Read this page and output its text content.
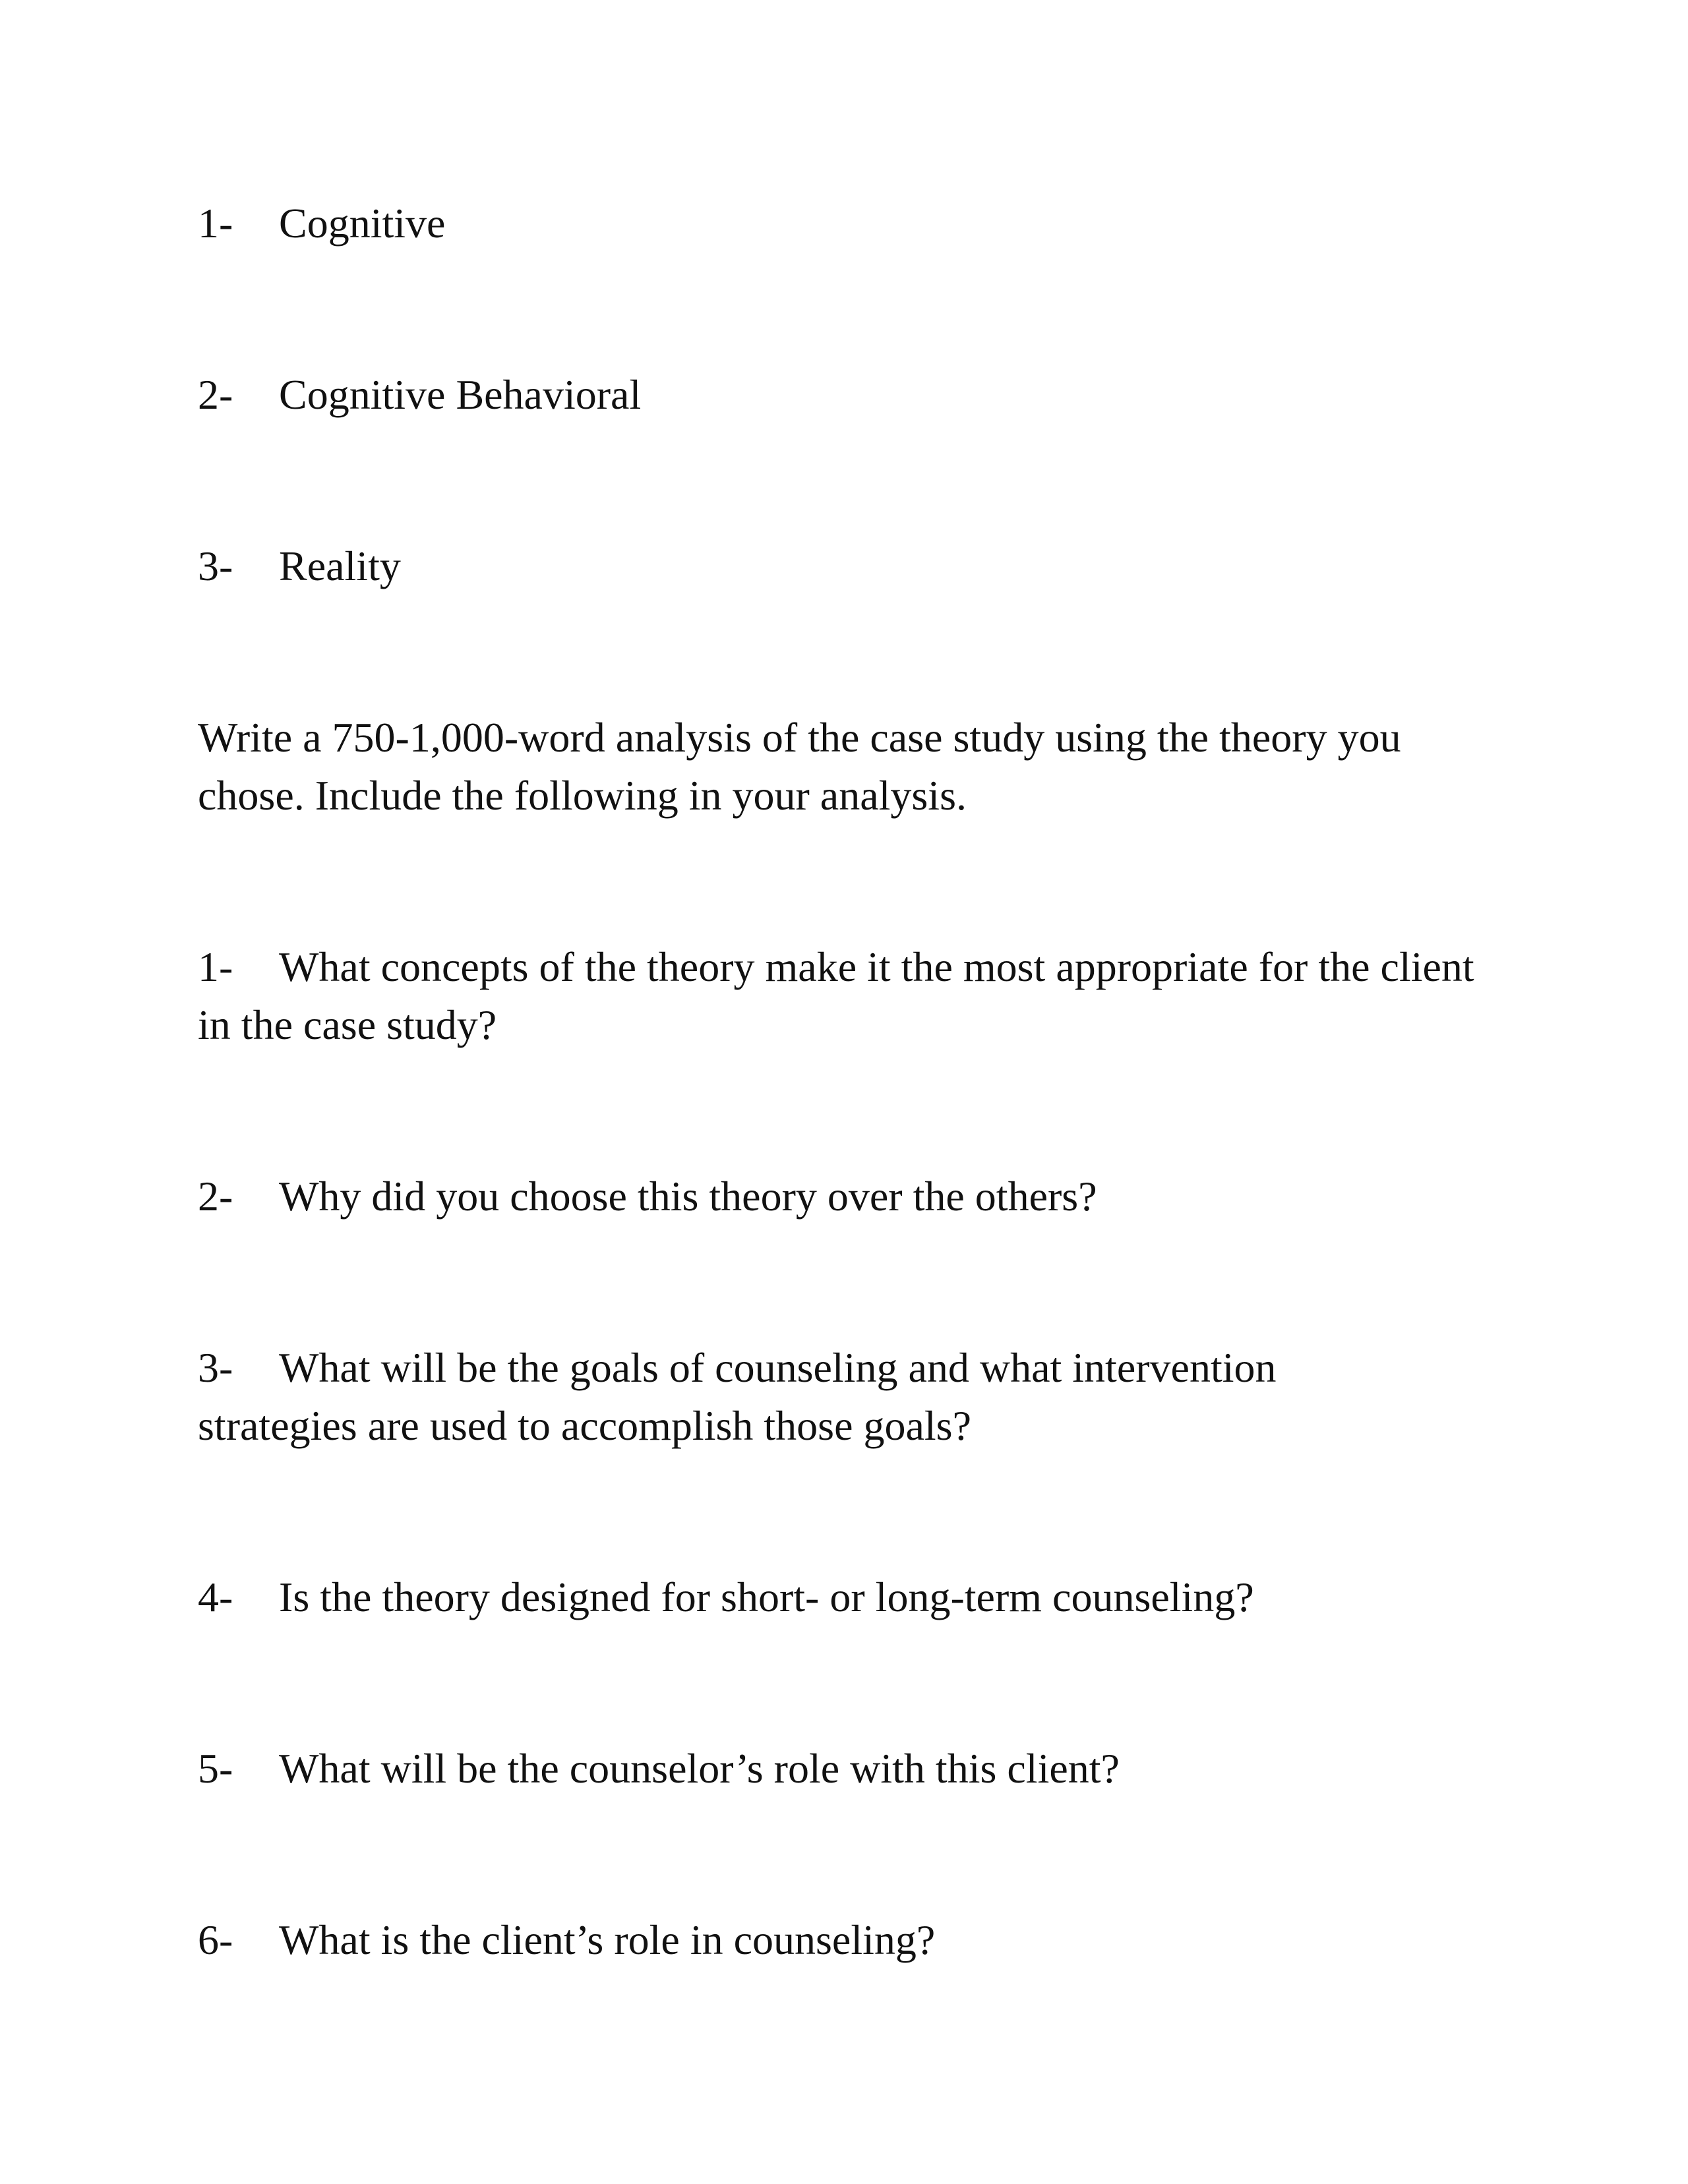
1- Cognitive
2- Cognitive Behavioral
3- Reality
Write a 750-1,000-word analysis of the case study using the theory you chose. Include the following in your analysis.
1- What concepts of the theory make it the most appropriate for the client in the case study?
2- Why did you choose this theory over the others?
3- What will be the goals of counseling and what intervention strategies are used to accomplish those goals?
4- Is the theory designed for short- or long-term counseling?
5- What will be the counselor’s role with this client?
6- What is the client’s role in counseling?
